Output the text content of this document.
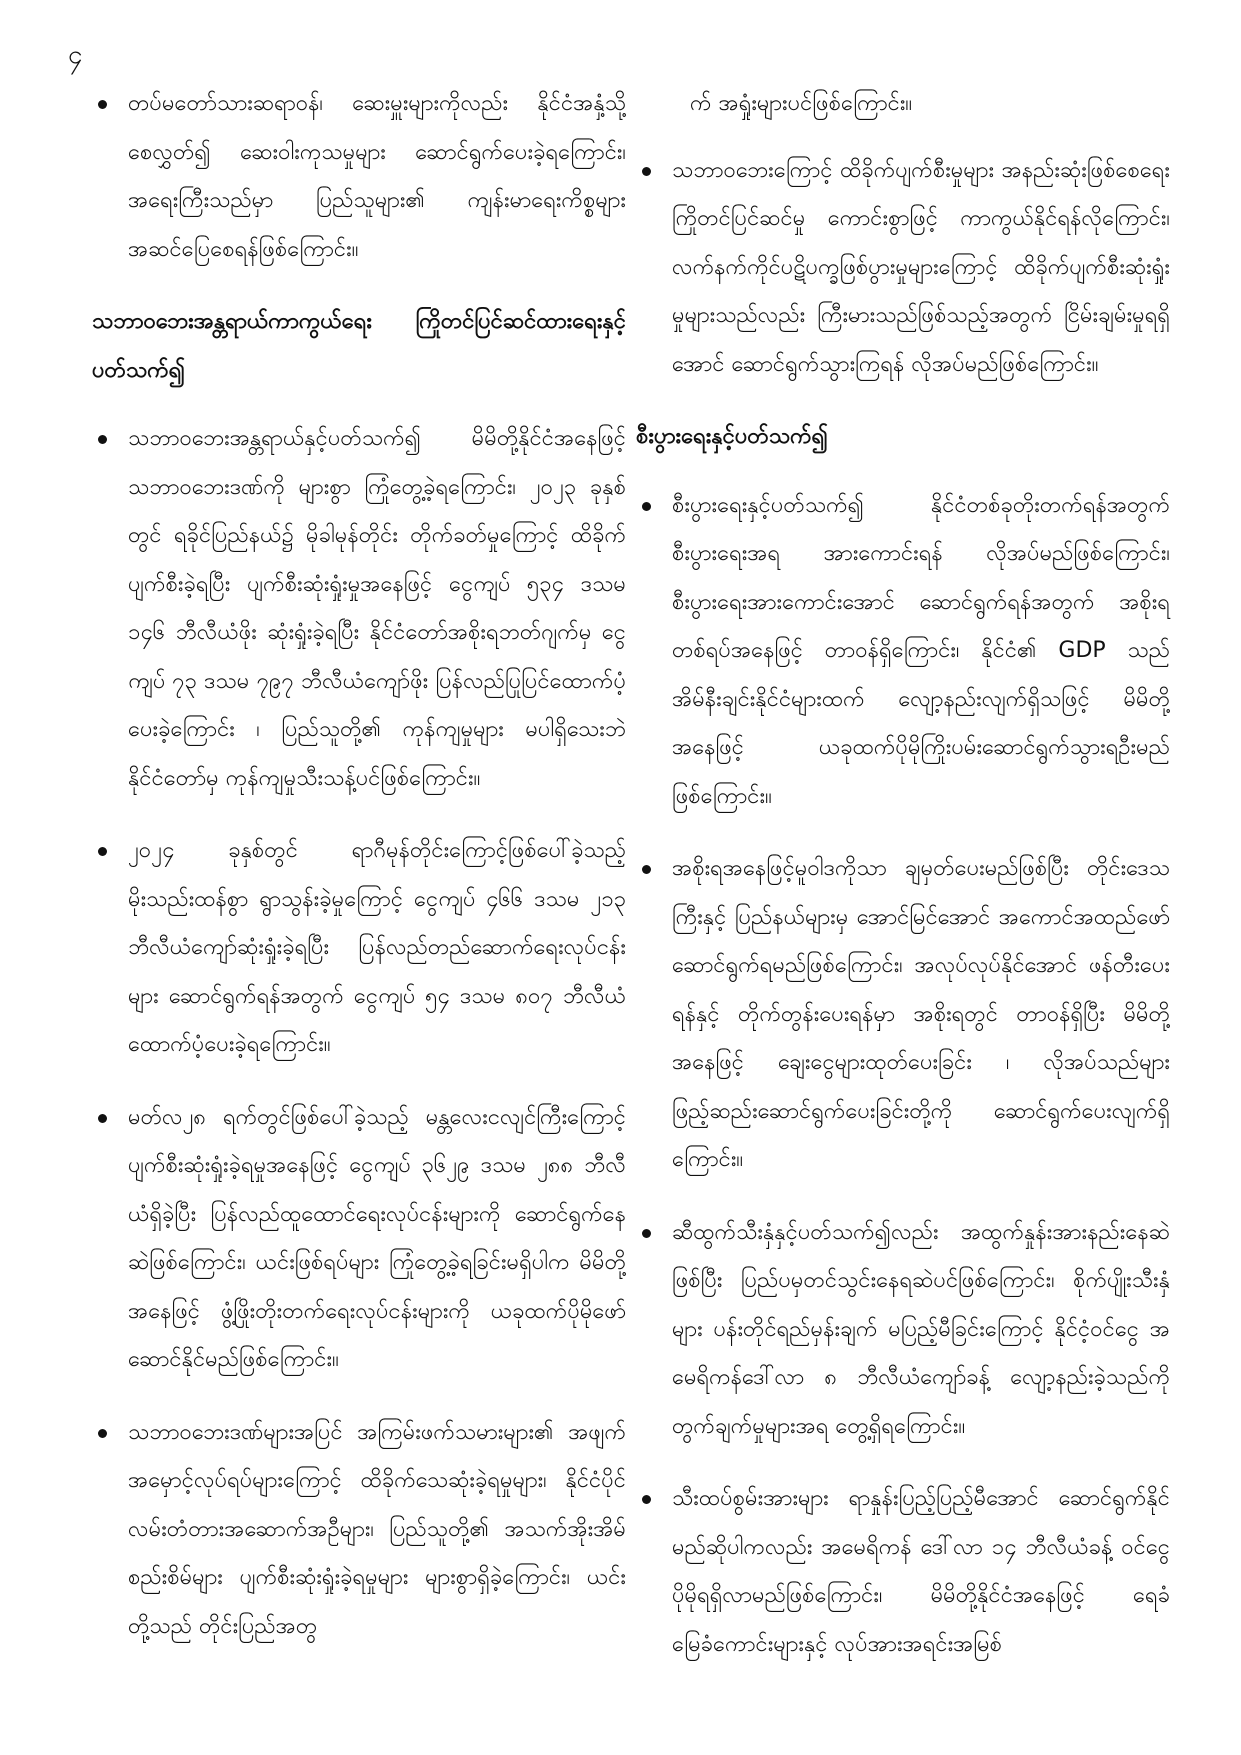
၄
တပ်မတော်သားဆရာဝန်၊ ဆေးမှူးများကိုလည်း နိုင်ငံအနှံ့သို့ စေလွှတ်၍ ဆေးဝါးကုသမှုများ ဆောင်ရွက်ပေးခဲ့ရကြောင်း၊ အရေးကြီးသည်မှာ ပြည်သူများ၏ ကျန်းမာရေးကိစ္စများ အဆင်ပြေစေရန်ဖြစ်ကြောင်း။
သဘာဝဘေးအန္တရာယ်ကာကွယ်ရေး ကြိုတင်ပြင်ဆင်ထားရေးနှင့်ပတ်သက်၍
သဘာဝဘေးအန္တရာယ်နှင့်ပတ်သက်၍ မိမိတို့နိုင်ငံအနေဖြင့် သဘာဝဘေးဒဏ်ကို များစွာ ကြုံတွေ့ခဲ့ရကြောင်း၊ ၂၀၂၃ ခုနှစ်တွင် ရခိုင်ပြည်နယ်၌ မိုခါမုန်တိုင်း တိုက်ခတ်မှုကြောင့် ထိခိုက်ပျက်စီးခဲ့ရပြီး ပျက်စီးဆုံးရှုံးမှုအနေဖြင့် ငွေကျပ် ၅၃၄ ဒသမ ၁၄၆ ဘီလီယံဖိုး ဆုံးရှုံးခဲ့ရပြီး နိုင်ငံတော်အစိုးရဘတ်ဂျက်မှ ငွေကျပ် ၇၃ ဒသမ ၇၉၇ ဘီလီယံကျော်ဖိုး ပြန်လည်ပြုပြင်ထောက်ပံ့ပေးခဲ့ကြောင်း ၊ ပြည်သူတို့၏ ကုန်ကျမှုများ မပါရှိသေးဘဲ နိုင်ငံတော်မှ ကုန်ကျမှုသီးသန့်ပင်ဖြစ်ကြောင်း။
၂၀၂၄ ခုနှစ်တွင် ရာဂီမုန်တိုင်းကြောင့်ဖြစ်ပေါ်ခဲ့သည့် မိုးသည်းထန်စွာ ရွာသွန်းခဲ့မှုကြောင့် ငွေကျပ် ၄၆၆ ဒသမ ၂၁၃ ဘီလီယံကျော်ဆုံးရှုံးခဲ့ရပြီး ပြန်လည်တည်ဆောက်ရေးလုပ်ငန်းများ ဆောင်ရွက်ရန်အတွက် ငွေကျပ် ၅၄ ဒသမ ၈၀၇ ဘီလီယံထောက်ပံ့ပေးခဲ့ရကြောင်း။
မတ်လ၂၈ ရက်တွင်ဖြစ်ပေါ်ခဲ့သည့် မန္တလေးငလျင်ကြီးကြောင့် ပျက်စီးဆုံးရှုံးခဲ့ရမှုအနေဖြင့် ငွေကျပ် ၃၆၂၉ ဒသမ ၂၈၈ ဘီလီယံရှိခဲ့ပြီး ပြန်လည်ထူထောင်ရေးလုပ်ငန်းများကို ဆောင်ရွက်နေဆဲဖြစ်ကြောင်း၊ ယင်းဖြစ်ရပ်များ ကြုံတွေ့ခဲ့ရခြင်းမရှိပါက မိမိတို့အနေဖြင့် ဖွံ့ဖြိုးတိုးတက်ရေးလုပ်ငန်းများကို ယခုထက်ပိုမိုဖော်ဆောင်နိုင်မည်ဖြစ်ကြောင်း။
သဘာဝဘေးဒဏ်များအပြင် အကြမ်းဖက်သမားများ၏ အဖျက်အမှောင့်လုပ်ရပ်များကြောင့် ထိခိုက်သေဆုံးခဲ့ရမှုများ၊ နိုင်ငံပိုင်လမ်းတံတားအဆောက်အဦများ၊ ပြည်သူတို့၏ အသက်အိုးအိမ်စည်းစိမ်များ ပျက်စီးဆုံးရှုံးခဲ့ရမှုများ များစွာရှိခဲ့ကြောင်း၊ ယင်းတို့သည် တိုင်းပြည်အတွ
က် အရှုံးများပင်ဖြစ်ကြောင်း။
သဘာဝဘေးကြောင့် ထိခိုက်ပျက်စီးမှုများ အနည်းဆုံးဖြစ်စေရေး ကြိုတင်ပြင်ဆင်မှု ကောင်းစွာဖြင့် ကာကွယ်နိုင်ရန်လိုကြောင်း၊ လက်နက်ကိုင်ပဋိပက္ခဖြစ်ပွားမှုများကြောင့် ထိခိုက်ပျက်စီးဆုံးရှုံးမှုများသည်လည်း ကြီးမားသည်ဖြစ်သည့်အတွက် ငြိမ်းချမ်းမှုရရှိအောင် ဆောင်ရွက်သွားကြရန် လိုအပ်မည်ဖြစ်ကြောင်း။
စီးပွားရေးနှင့်ပတ်သက်၍
စီးပွားရေးနှင့်ပတ်သက်၍ နိုင်ငံတစ်ခုတိုးတက်ရန်အတွက် စီးပွားရေးအရ အားကောင်းရန် လိုအပ်မည်ဖြစ်ကြောင်း၊ စီးပွားရေးအားကောင်းအောင် ဆောင်ရွက်ရန်အတွက် အစိုးရတစ်ရပ်အနေဖြင့် တာဝန်ရှိကြောင်း၊ နိုင်ငံ၏ GDP သည် အိမ်နီးချင်းနိုင်ငံများထက် လျော့နည်းလျက်ရှိသဖြင့် မိမိတို့အနေဖြင့် ယခုထက်ပိုမိုကြိုးပမ်းဆောင်ရွက်သွားရဦးမည် ဖြစ်ကြောင်း။
အစိုးရအနေဖြင့်မူဝါဒကိုသာ ချမှတ်ပေးမည်ဖြစ်ပြီး တိုင်းဒေသကြီးနှင့် ပြည်နယ်များမှ အောင်မြင်အောင် အကောင်အထည်ဖော် ဆောင်ရွက်ရမည်ဖြစ်ကြောင်း၊ အလုပ်လုပ်နိုင်အောင် ဖန်တီးပေးရန်နှင့် တိုက်တွန်းပေးရန်မှာ အစိုးရတွင် တာဝန်ရှိပြီး မိမိတို့အနေဖြင့် ချေးငွေများထုတ်ပေးခြင်း ၊ လိုအပ်သည်များ ဖြည့်ဆည်းဆောင်ရွက်ပေးခြင်းတို့ကို ဆောင်ရွက်ပေးလျက်ရှိကြောင်း။
ဆီထွက်သီးနှံနှင့်ပတ်သက်၍လည်း အထွက်နှုန်းအားနည်းနေဆဲဖြစ်ပြီး ပြည်ပမှတင်သွင်းနေရဆဲပင်ဖြစ်ကြောင်း၊ စိုက်ပျိုးသီးနှံများ ပန်းတိုင်ရည်မှန်းချက် မပြည့်မီခြင်းကြောင့် နိုင်ငံ့ဝင်ငွေ အမေရိကန်ဒေါ်လာ ၈ ဘီလီယံကျော်ခန့် လျော့နည်းခဲ့သည်ကို တွက်ချက်မှုများအရ တွေ့ရှိရကြောင်း။
သီးထပ်စွမ်းအားများ ရာနှုန်းပြည့်ပြည့်မီအောင် ဆောင်ရွက်နိုင်မည်ဆိုပါကလည်း အမေရိကန် ဒေါ်လာ ၁၄ ဘီလီယံခန့် ဝင်ငွေပိုမိုရရှိလာမည်ဖြစ်ကြောင်း၊ မိမိတို့နိုင်ငံအနေဖြင့် ရေခံမြေခံကောင်းများနှင့် လုပ်အားအရင်းအမြစ်
